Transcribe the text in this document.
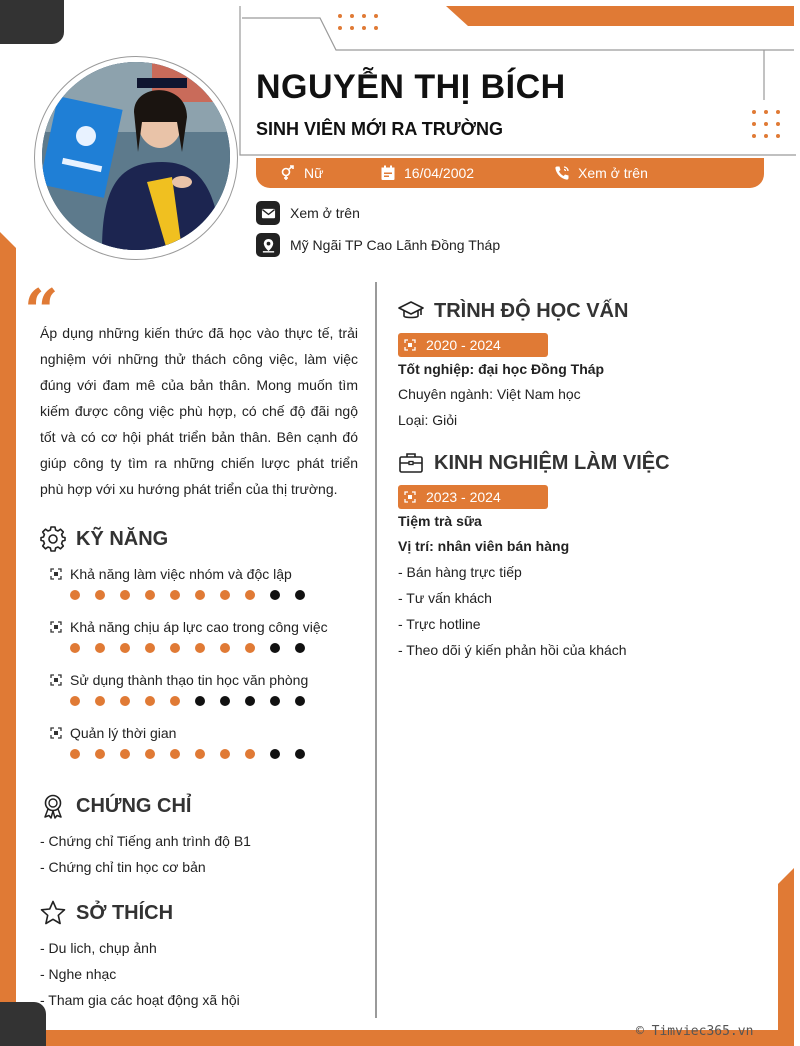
NGUYỄN THỊ BÍCH
SINH VIÊN MỚI RA TRƯỜNG
Nữ	16/04/2002	Xem ở trên
Xem ở trên
Mỹ Ngãi TP Cao Lãnh Đồng Tháp
“
Áp dụng những kiến thức đã học vào thực tế, trải nghiệm với những thử thách công việc, làm việc đúng với đam mê của bản thân. Mong muốn tìm kiếm được công việc phù hợp, có chế độ đãi ngộ tốt và có cơ hội phát triển bản thân. Bên cạnh đó giúp công ty tìm ra những chiến lược phát triển phù hợp với xu hướng phát triển của thị trường.
KỸ NĂNG
Khả năng làm việc nhóm và độc lập
Khả năng chịu áp lực cao trong công việc
Sử dụng thành thạo tin học văn phòng
Quản lý thời gian
CHỨNG CHỈ
- Chứng chỉ Tiếng anh trình độ B1
- Chứng chỉ tin học cơ bản
SỞ THÍCH
- Du lich, chụp ảnh
- Nghe nhạc
- Tham gia các hoạt động xã hội
TRÌNH ĐỘ HỌC VẤN
2020 - 2024
Tốt nghiệp: đại học Đồng Tháp
Chuyên ngành: Việt Nam học
Loại: Giỏi
KINH NGHIỆM LÀM VIỆC
2023 - 2024
Tiệm trà sữa
Vị trí: nhân viên bán hàng
- Bán hàng trực tiếp
- Tư vấn khách
- Trực hotline
- Theo dõi ý kiến phản hồi của khách
© Timviec365.vn
